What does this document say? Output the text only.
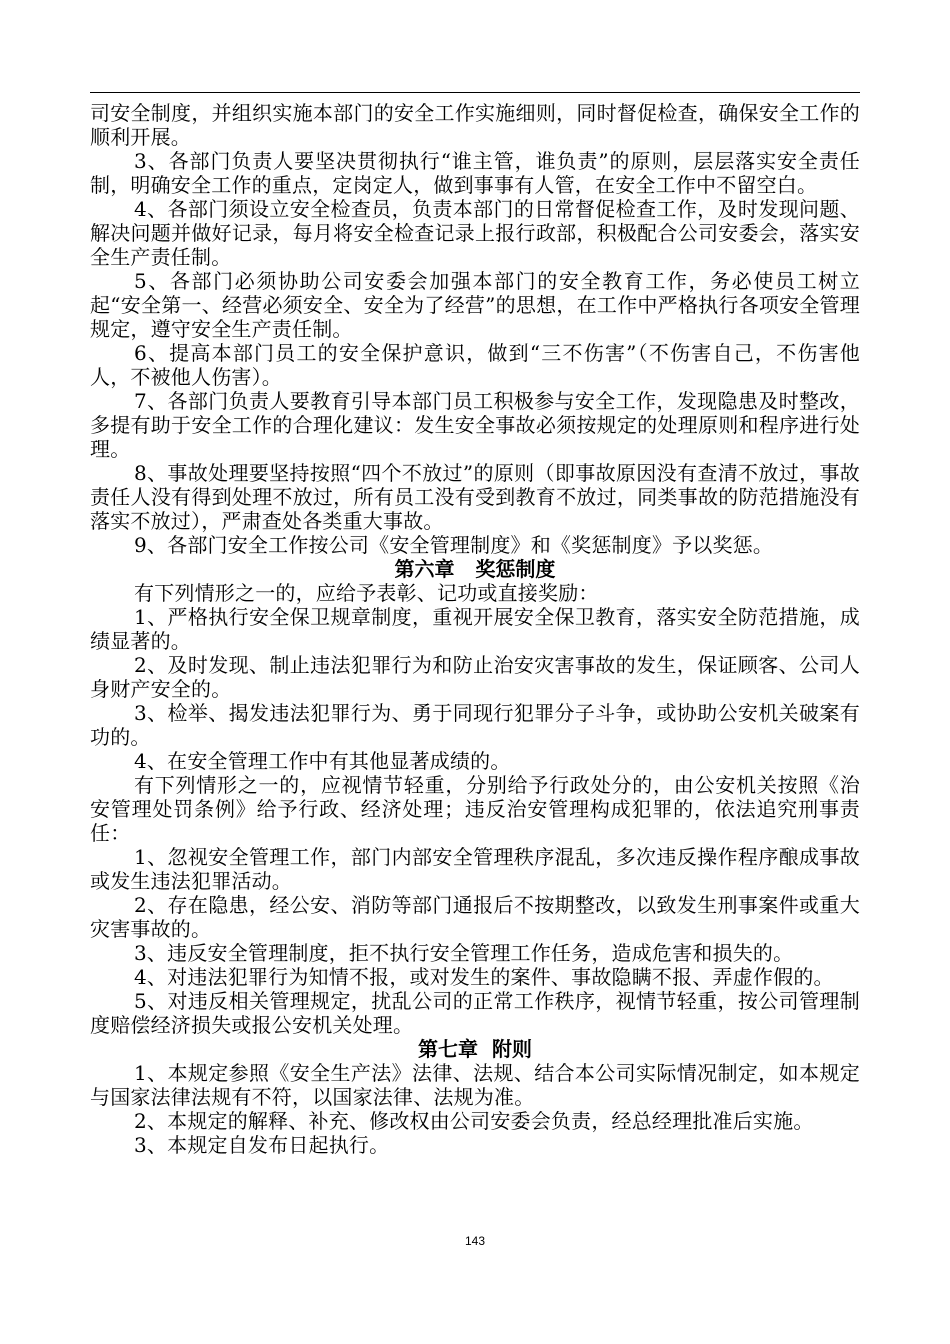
司安全制度，并组织实施本部门的安全工作实施细则，同时督促检查，确保安全工作的顺利开展。

3、各部门负责人要坚决贯彻执行“谁主管，谁负责”的原则，层层落实安全责任制，明确安全工作的重点，定岗定人，做到事事有人管，在安全工作中不留空白。

4、各部门须设立安全检查员，负责本部门的日常督促检查工作，及时发现问题、解决问题并做好记录，每月将安全检查记录上报行政部，积极配合公司安委会，落实安全生产责任制。

5、各部门必须协助公司安委会加强本部门的安全教育工作，务必使员工树立起“安全第一、经营必须安全、安全为了经营”的思想，在工作中严格执行各项安全管理规定，遵守安全生产责任制。

6、提高本部门员工的安全保护意识，做到“三不伤害”（不伤害自己，不伤害他人，不被他人伤害）。

7、各部门负责人要教育引导本部门员工积极参与安全工作，发现隐患及时整改，多提有助于安全工作的合理化建议：发生安全事故必须按规定的处理原则和程序进行处理。

8、事故处理要坚持按照“四个不放过”的原则（即事故原因没有查清不放过，事故责任人没有得到处理不放过，所有员工没有受到教育不放过，同类事故的防范措施没有落实不放过），严肃查处各类重大事故。

9、各部门安全工作按公司《安全管理制度》和《奖惩制度》予以奖惩。

第六章   奖惩制度

有下列情形之一的，应给予表彰、记功或直接奖励：

1、严格执行安全保卫规章制度，重视开展安全保卫教育，落实安全防范措施，成绩显著的。

2、及时发现、制止违法犯罪行为和防止治安灾害事故的发生，保证顾客、公司人身财产安全的。

3、检举、揭发违法犯罪行为、勇于同现行犯罪分子斗争，或协助公安机关破案有功的。

4、在安全管理工作中有其他显著成绩的。

有下列情形之一的，应视情节轻重，分别给予行政处分的，由公安机关按照《治安管理处罚条例》给予行政、经济处理；违反治安管理构成犯罪的，依法追究刑事责任：

1、忽视安全管理工作，部门内部安全管理秩序混乱，多次违反操作程序酿成事故或发生违法犯罪活动。

2、存在隐患，经公安、消防等部门通报后不按期整改，以致发生刑事案件或重大灾害事故的。

3、违反安全管理制度，拒不执行安全管理工作任务，造成危害和损失的。

4、对违法犯罪行为知情不报，或对发生的案件、事故隐瞒不报、弄虚作假的。

5、对违反相关管理规定，扰乱公司的正常工作秩序，视情节轻重，按公司管理制度赔偿经济损失或报公安机关处理。

第七章  附则

1、本规定参照《安全生产法》法律、法规、结合本公司实际情况制定，如本规定与国家法律法规有不符，以国家法律、法规为准。

2、本规定的解释、补充、修改权由公司安委会负责，经总经理批准后实施。

3、本规定自发布日起执行。

143
